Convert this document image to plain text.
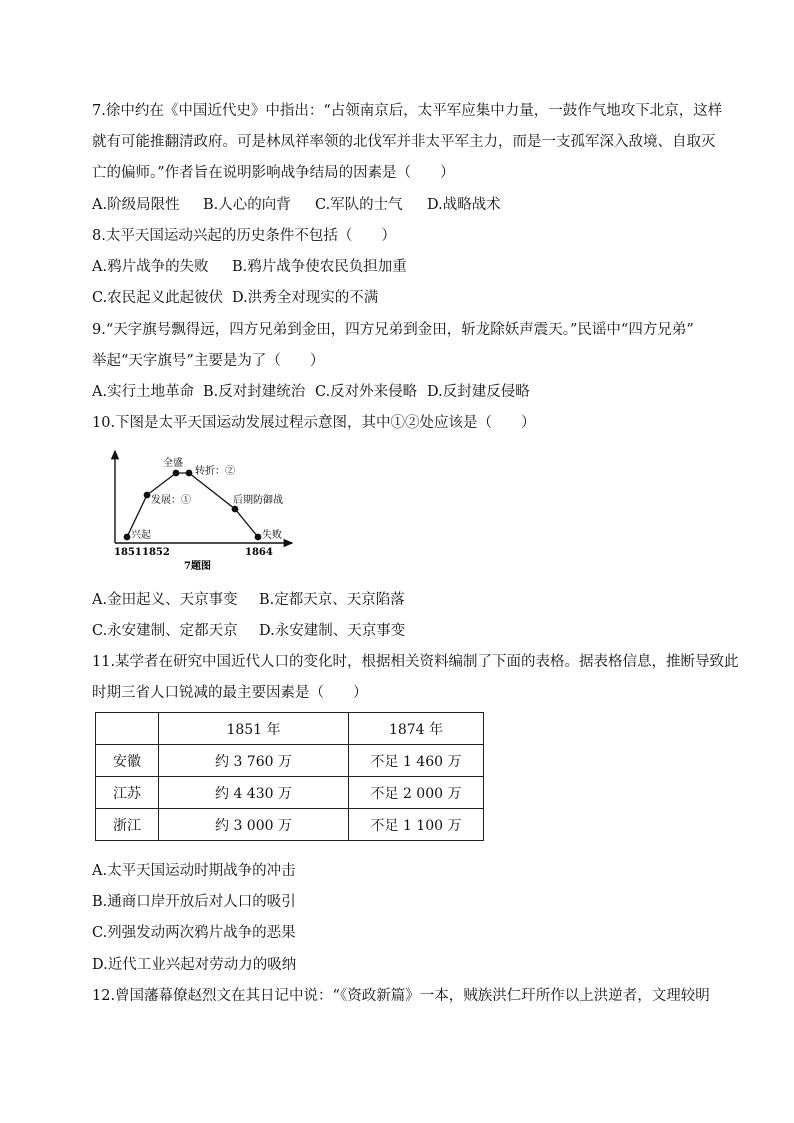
7.徐中约在《中国近代史》中指出：“占领南京后，太平军应集中力量，一鼓作气地攻下北京，这样
就有可能推翻清政府。可是林凤祥率领的北伐军并非太平军主力，而是一支孤军深入敌境、自取灭
亡的偏师。”作者旨在说明影响战争结局的因素是（　　）
A.阶级局限性 B.人心的向背 C.军队的士气 D.战略战术
8.太平天国运动兴起的历史条件不包括（　　）
A.鸦片战争的失败 B.鸦片战争使农民负担加重
C.农民起义此起彼伏 D.洪秀全对现实的不满
9.“天字旗号飘得远，四方兄弟到金田，四方兄弟到金田，斩龙除妖声震天。”民谣中“四方兄弟”
举起“天字旗号”主要是为了（　　）
A.实行土地革命 B.反对封建统治 C.反对外来侵略 D.反封建反侵略
10.下图是太平天国运动发展过程示意图，其中①②处应该是（　　）
兴起
发展：①
全盛
转折：②
后期防御战
失败
1851 1852	1864
7题图
A.金田起义、天京事变 B.定都天京、天京陷落
C.永安建制、定都天京 D.永安建制、天京事变
11.某学者在研究中国近代人口的变化时，根据相关资料编制了下面的表格。据表格信息，推断导致此
时期三省人口锐减的最主要因素是（　　）
	1851 年	1874 年
安徽	约 3 760 万	不足 1 460 万
江苏	约 4 430 万	不足 2 000 万
浙江	约 3 000 万	不足 1 100 万
A.太平天国运动时期战争的冲击
B.通商口岸开放后对人口的吸引
C.列强发动两次鸦片战争的恶果
D.近代工业兴起对劳动力的吸纳
12.曾国藩幕僚赵烈文在其日记中说：“《资政新篇》一本，贼族洪仁玕所作以上洪逆者，文理较明
